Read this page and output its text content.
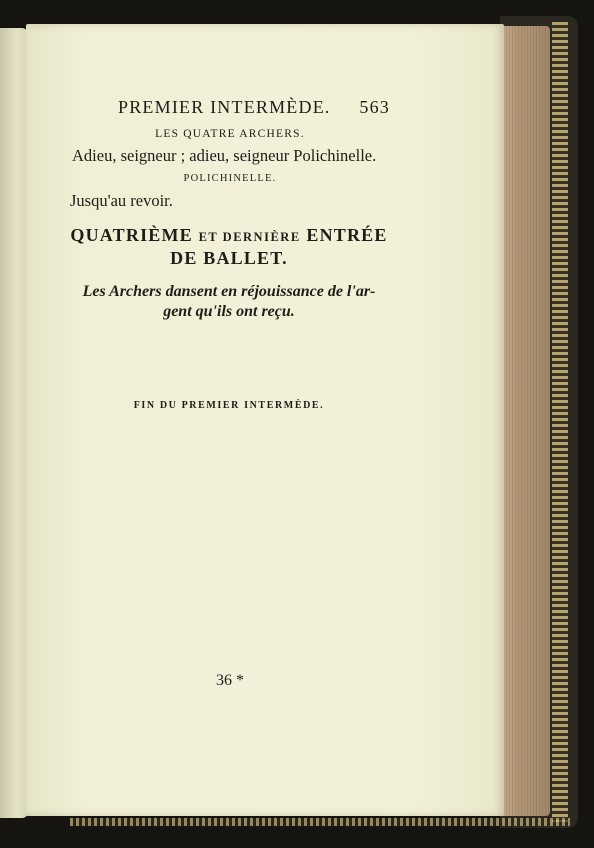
PREMIER INTERMÈDE. 563
LES QUATRE ARCHERS.
Adieu, seigneur ; adieu, seigneur Polichinelle.
POLICHINELLE.
Jusqu'au revoir.
QUATRIÈME ET DERNIÈRE ENTRÉE
DE BALLET.
Les Archers dansent en réjouissance de l'ar-
gent qu'ils ont reçu.
FIN DU PREMIER INTERMÈDE.
36 *
